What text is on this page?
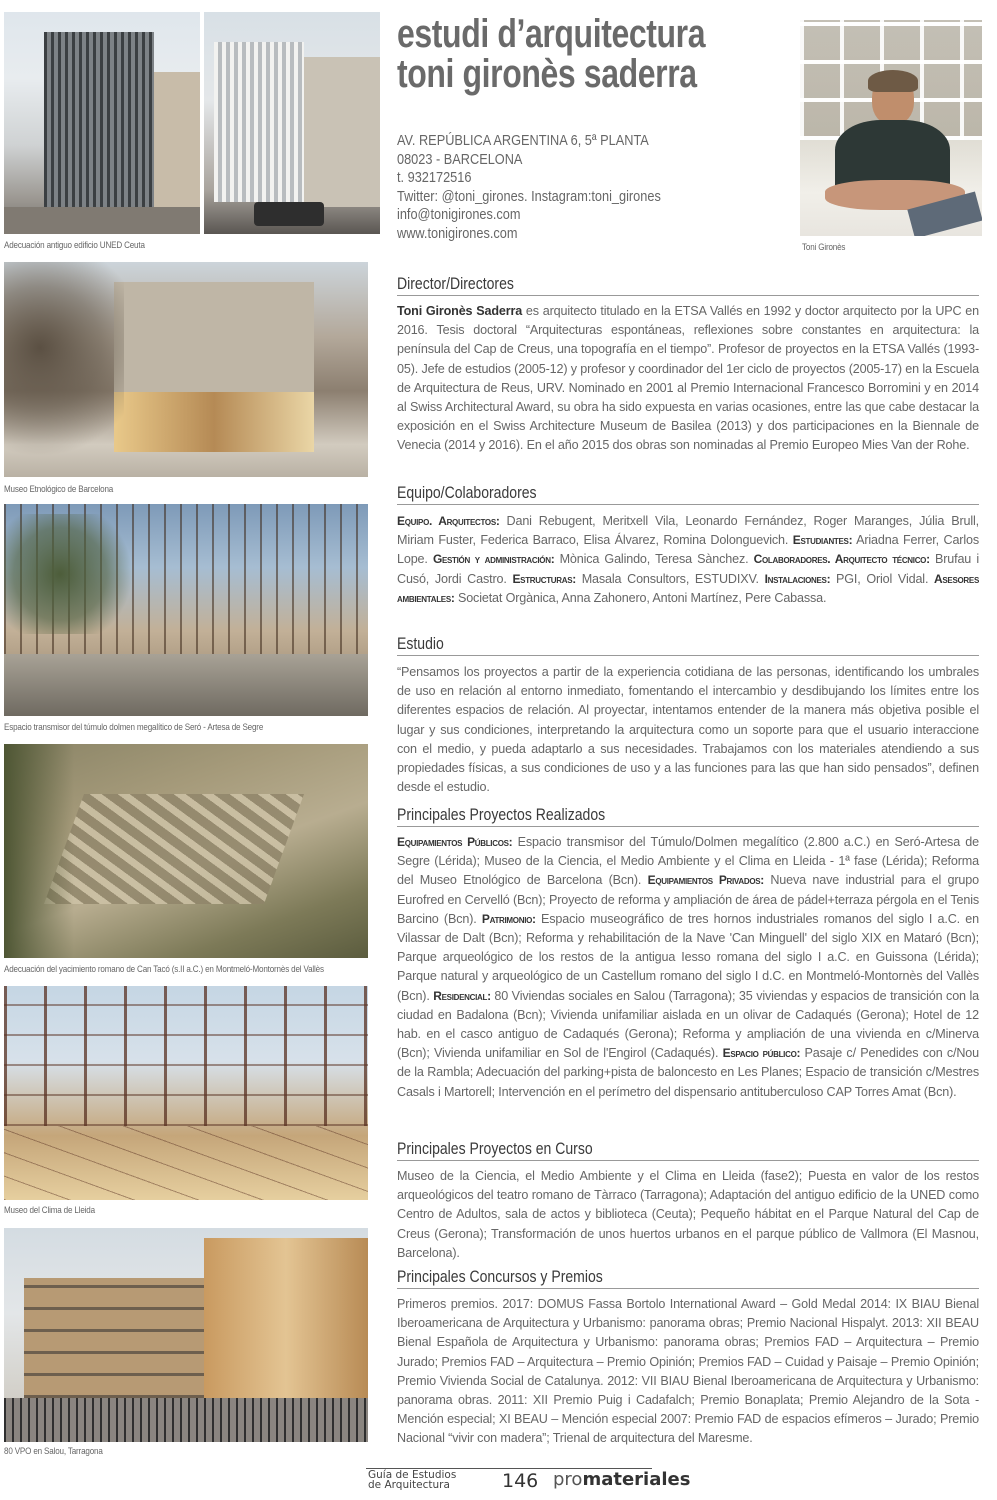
Adecuación antiguo edificio UNED Ceuta
Museo Etnológico de Barcelona
Espacio transmisor del túmulo dolmen megalítico de Seró - Artesa de Segre
Adecuación del yacimiento romano de Can Tacó (s.II a.C.) en Montmeló-Montornès del Vallès
Museo del Clima de Lleida
80 VPO en Salou, Tarragona
estudi d’arquitectura
toni gironès saderra
AV. REPÚBLICA ARGENTINA 6, 5ª PLANTA
08023 - BARCELONA
t. 932172516
Twitter: @toni_girones. Instagram:toni_girones
info@tonigirones.com
www.tonigirones.com
Toni Gironès
Director/Directores
Toni Gironès Saderra es arquitecto titulado en la ETSA Vallés en 1992 y doctor arquitecto por la UPC en 2016. Tesis doctoral “Arquitecturas espontáneas, reflexiones sobre constantes en arquitectura: la península del Cap de Creus, una topografía en el tiempo”. Profesor de proyectos en la ETSA Vallés (1993-05). Jefe de estudios (2005-12) y profesor y coordinador del 1er ciclo de proyectos (2005-17) en la Escuela de Arquitectura de Reus, URV. Nominado en 2001 al Premio Internacional Francesco Borromini y en 2014 al Swiss Architectural Award, su obra ha sido expuesta en varias ocasiones, entre las que cabe destacar la exposición en el Swiss Architecture Museum de Basilea (2013) y dos participaciones en la Biennale de Venecia (2014 y 2016). En el año 2015 dos obras son nominadas al Premio Europeo Mies Van der Rohe.
Equipo/Colaboradores
Equipo. Arquitectos: Dani Rebugent, Meritxell Vila, Leonardo Fernández, Roger Maranges, Júlia Brull, Miriam Fuster, Federica Barraco, Elisa Álvarez, Romina Dolonguevich. Estudiantes: Ariadna Ferrer, Carlos Lope. Gestión y administración: Mònica Galindo, Teresa Sànchez. Colaboradores. Arquitecto técnico: Brufau i Cusó, Jordi Castro. Estructuras: Masala Consultors, ESTUDIXV. Instalaciones: PGI, Oriol Vidal. Asesores ambientales: Societat Orgànica, Anna Zahonero, Antoni Martínez, Pere Cabassa.
Estudio
“Pensamos los proyectos a partir de la experiencia cotidiana de las personas, identificando los umbrales de uso en relación al entorno inmediato, fomentando el intercambio y desdibujando los límites entre los diferentes espacios de relación. Al proyectar, intentamos entender de la manera más objetiva posible el lugar y sus condiciones, interpretando la arquitectura como un soporte para que el usuario interaccione con el medio, y pueda adaptarlo a sus necesidades. Trabajamos con los materiales atendiendo a sus propiedades físicas, a sus condiciones de uso y a las funciones para las que han sido pensados”, definen desde el estudio.
Principales Proyectos Realizados
Equipamientos Públicos: Espacio transmisor del Túmulo/Dolmen megalítico (2.800 a.C.) en Seró-Artesa de Segre (Lérida); Museo de la Ciencia, el Medio Ambiente y el Clima en Lleida - 1ª fase (Lérida); Reforma del Museo Etnológico de Barcelona (Bcn). Equipamientos Privados: Nueva nave industrial para el grupo Eurofred en Cervelló (Bcn); Proyecto de reforma y ampliación de área de pádel+terraza pérgola en el Tenis Barcino (Bcn). Patrimonio: Espacio museográfico de tres hornos industriales romanos del siglo I a.C. en Vilassar de Dalt (Bcn); Reforma y rehabilitación de la Nave 'Can Minguell' del siglo XIX en Mataró (Bcn); Parque arqueológico de los restos de la antigua Iesso romana del siglo I a.C. en Guissona (Lérida); Parque natural y arqueológico de un Castellum romano del siglo I d.C. en Montmeló-Montornès del Vallès (Bcn). Residencial: 80 Viviendas sociales en Salou (Tarragona); 35 viviendas y espacios de transición con la ciudad en Badalona (Bcn); Vivienda unifamiliar aislada en un olivar de Cadaqués (Gerona); Hotel de 12 hab. en el casco antiguo de Cadaqués (Gerona); Reforma y ampliación de una vivienda en c/Minerva (Bcn); Vivienda unifamiliar en Sol de l'Engirol (Cadaqués). Espacio público: Pasaje c/ Penedides con c/Nou de la Rambla; Adecuación del parking+pista de baloncesto en Les Planes; Espacio de transición c/Mestres Casals i Martorell; Intervención en el perímetro del dispensario antituberculoso CAP Torres Amat (Bcn).
Principales Proyectos en Curso
Museo de la Ciencia, el Medio Ambiente y el Clima en Lleida (fase2); Puesta en valor de los restos arqueológicos del teatro romano de Tàrraco (Tarragona); Adaptación del antiguo edificio de la UNED como Centro de Adultos, sala de actos y biblioteca (Ceuta); Pequeño hábitat en el Parque Natural del Cap de Creus (Gerona); Transformación de unos huertos urbanos en el parque público de Vallmora (El Masnou, Barcelona).
Principales Concursos y Premios
Primeros premios. 2017: DOMUS Fassa Bortolo International Award – Gold Medal 2014: IX BIAU Bienal Iberoamericana de Arquitectura y Urbanismo: panorama obras; Premio Nacional Hispalyt. 2013: XII BEAU Bienal Española de Arquitectura y Urbanismo: panorama obras; Premios FAD – Arquitectura – Premio Jurado; Premios FAD – Arquitectura – Premio Opinión; Premios FAD – Cuidad y Paisaje – Premio Opinión; Premio Vivienda Social de Catalunya. 2012: VII BIAU Bienal Iberoamericana de Arquitectura y Urbanismo: panorama obras. 2011: XII Premio Puig i Cadafalch; Premio Bonaplata; Premio Alejandro de la Sota - Mención especial; XI BEAU – Mención especial 2007: Premio FAD de espacios efímeros – Jurado; Premio Nacional “vivir con madera”; Trienal de arquitectura del Maresme.
Guía de Estudios
de Arquitectura	146 promateriales
